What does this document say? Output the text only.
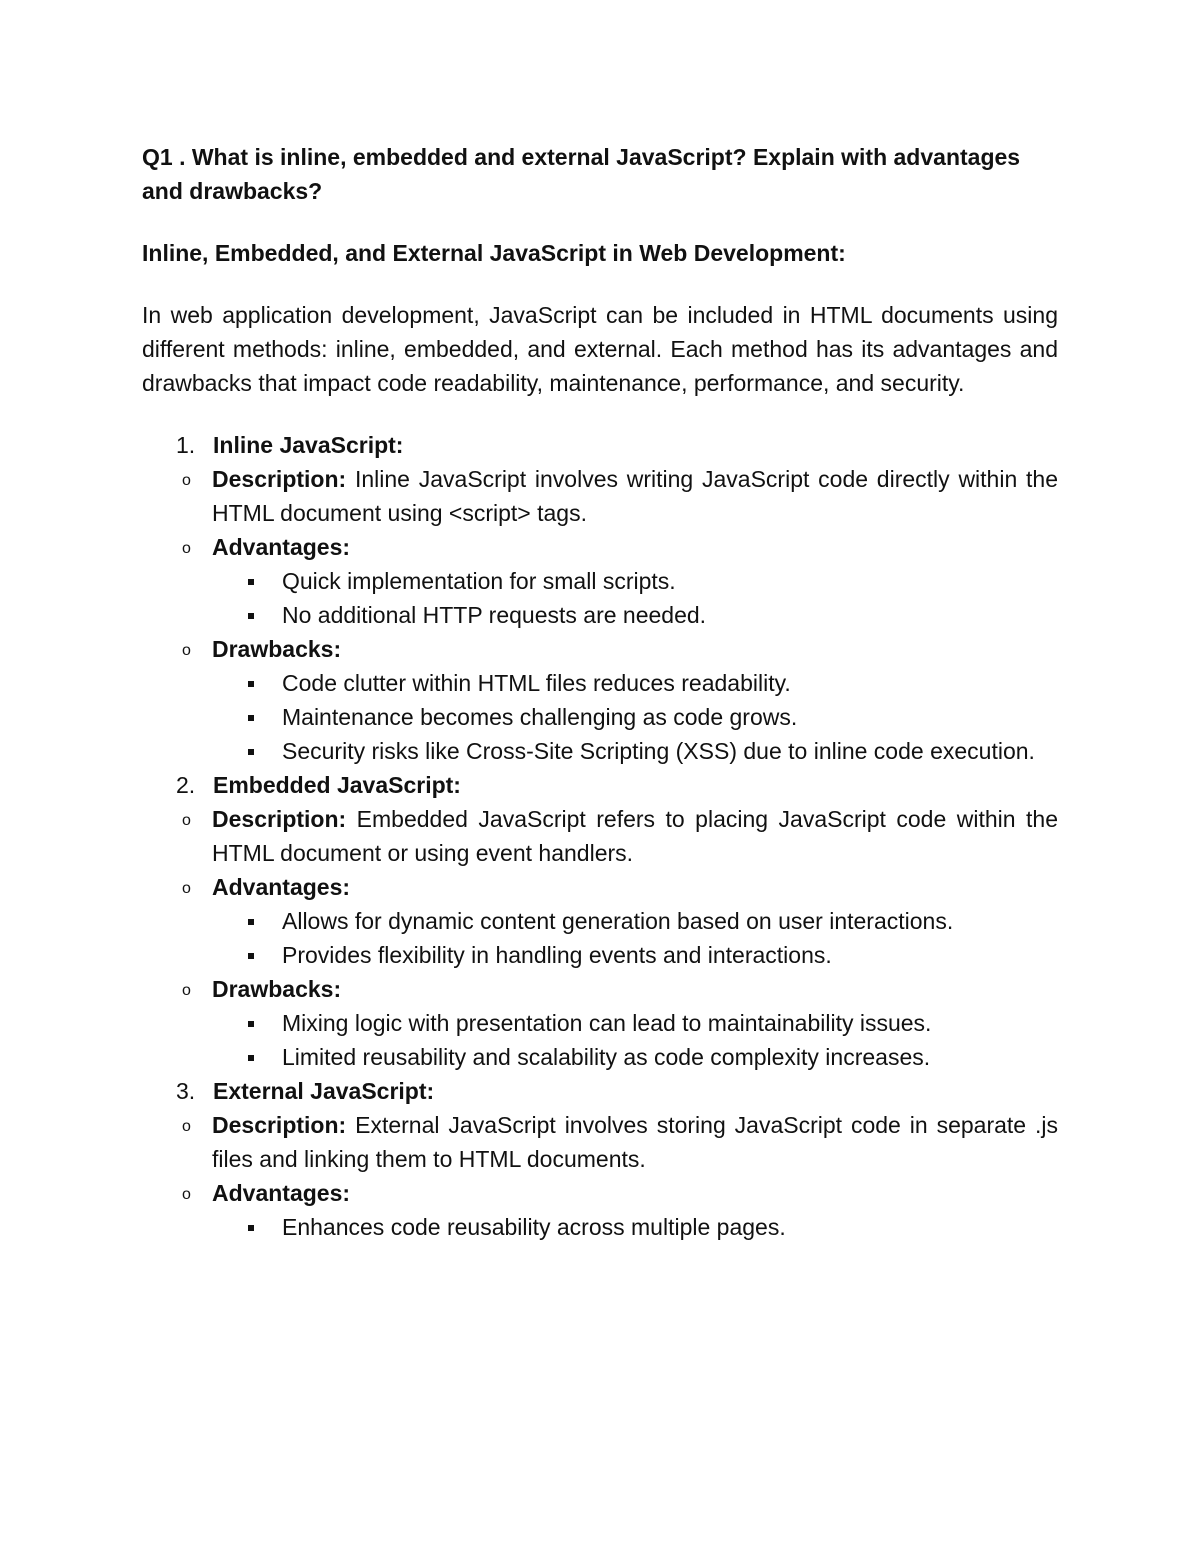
Q1 . What is inline, embedded and external JavaScript? Explain with advantages and drawbacks?
Inline, Embedded, and External JavaScript in Web Development:
In web application development, JavaScript can be included in HTML documents using different methods: inline, embedded, and external. Each method has its advantages and drawbacks that impact code readability, maintenance, performance, and security.
1. Inline JavaScript:
o Description: Inline JavaScript involves writing JavaScript code directly within the HTML document using <script> tags.
o Advantages:
Quick implementation for small scripts.
No additional HTTP requests are needed.
o Drawbacks:
Code clutter within HTML files reduces readability.
Maintenance becomes challenging as code grows.
Security risks like Cross-Site Scripting (XSS) due to inline code execution.
2. Embedded JavaScript:
o Description: Embedded JavaScript refers to placing JavaScript code within the HTML document or using event handlers.
o Advantages:
Allows for dynamic content generation based on user interactions.
Provides flexibility in handling events and interactions.
o Drawbacks:
Mixing logic with presentation can lead to maintainability issues.
Limited reusability and scalability as code complexity increases.
3. External JavaScript:
o Description: External JavaScript involves storing JavaScript code in separate .js files and linking them to HTML documents.
o Advantages:
Enhances code reusability across multiple pages.
